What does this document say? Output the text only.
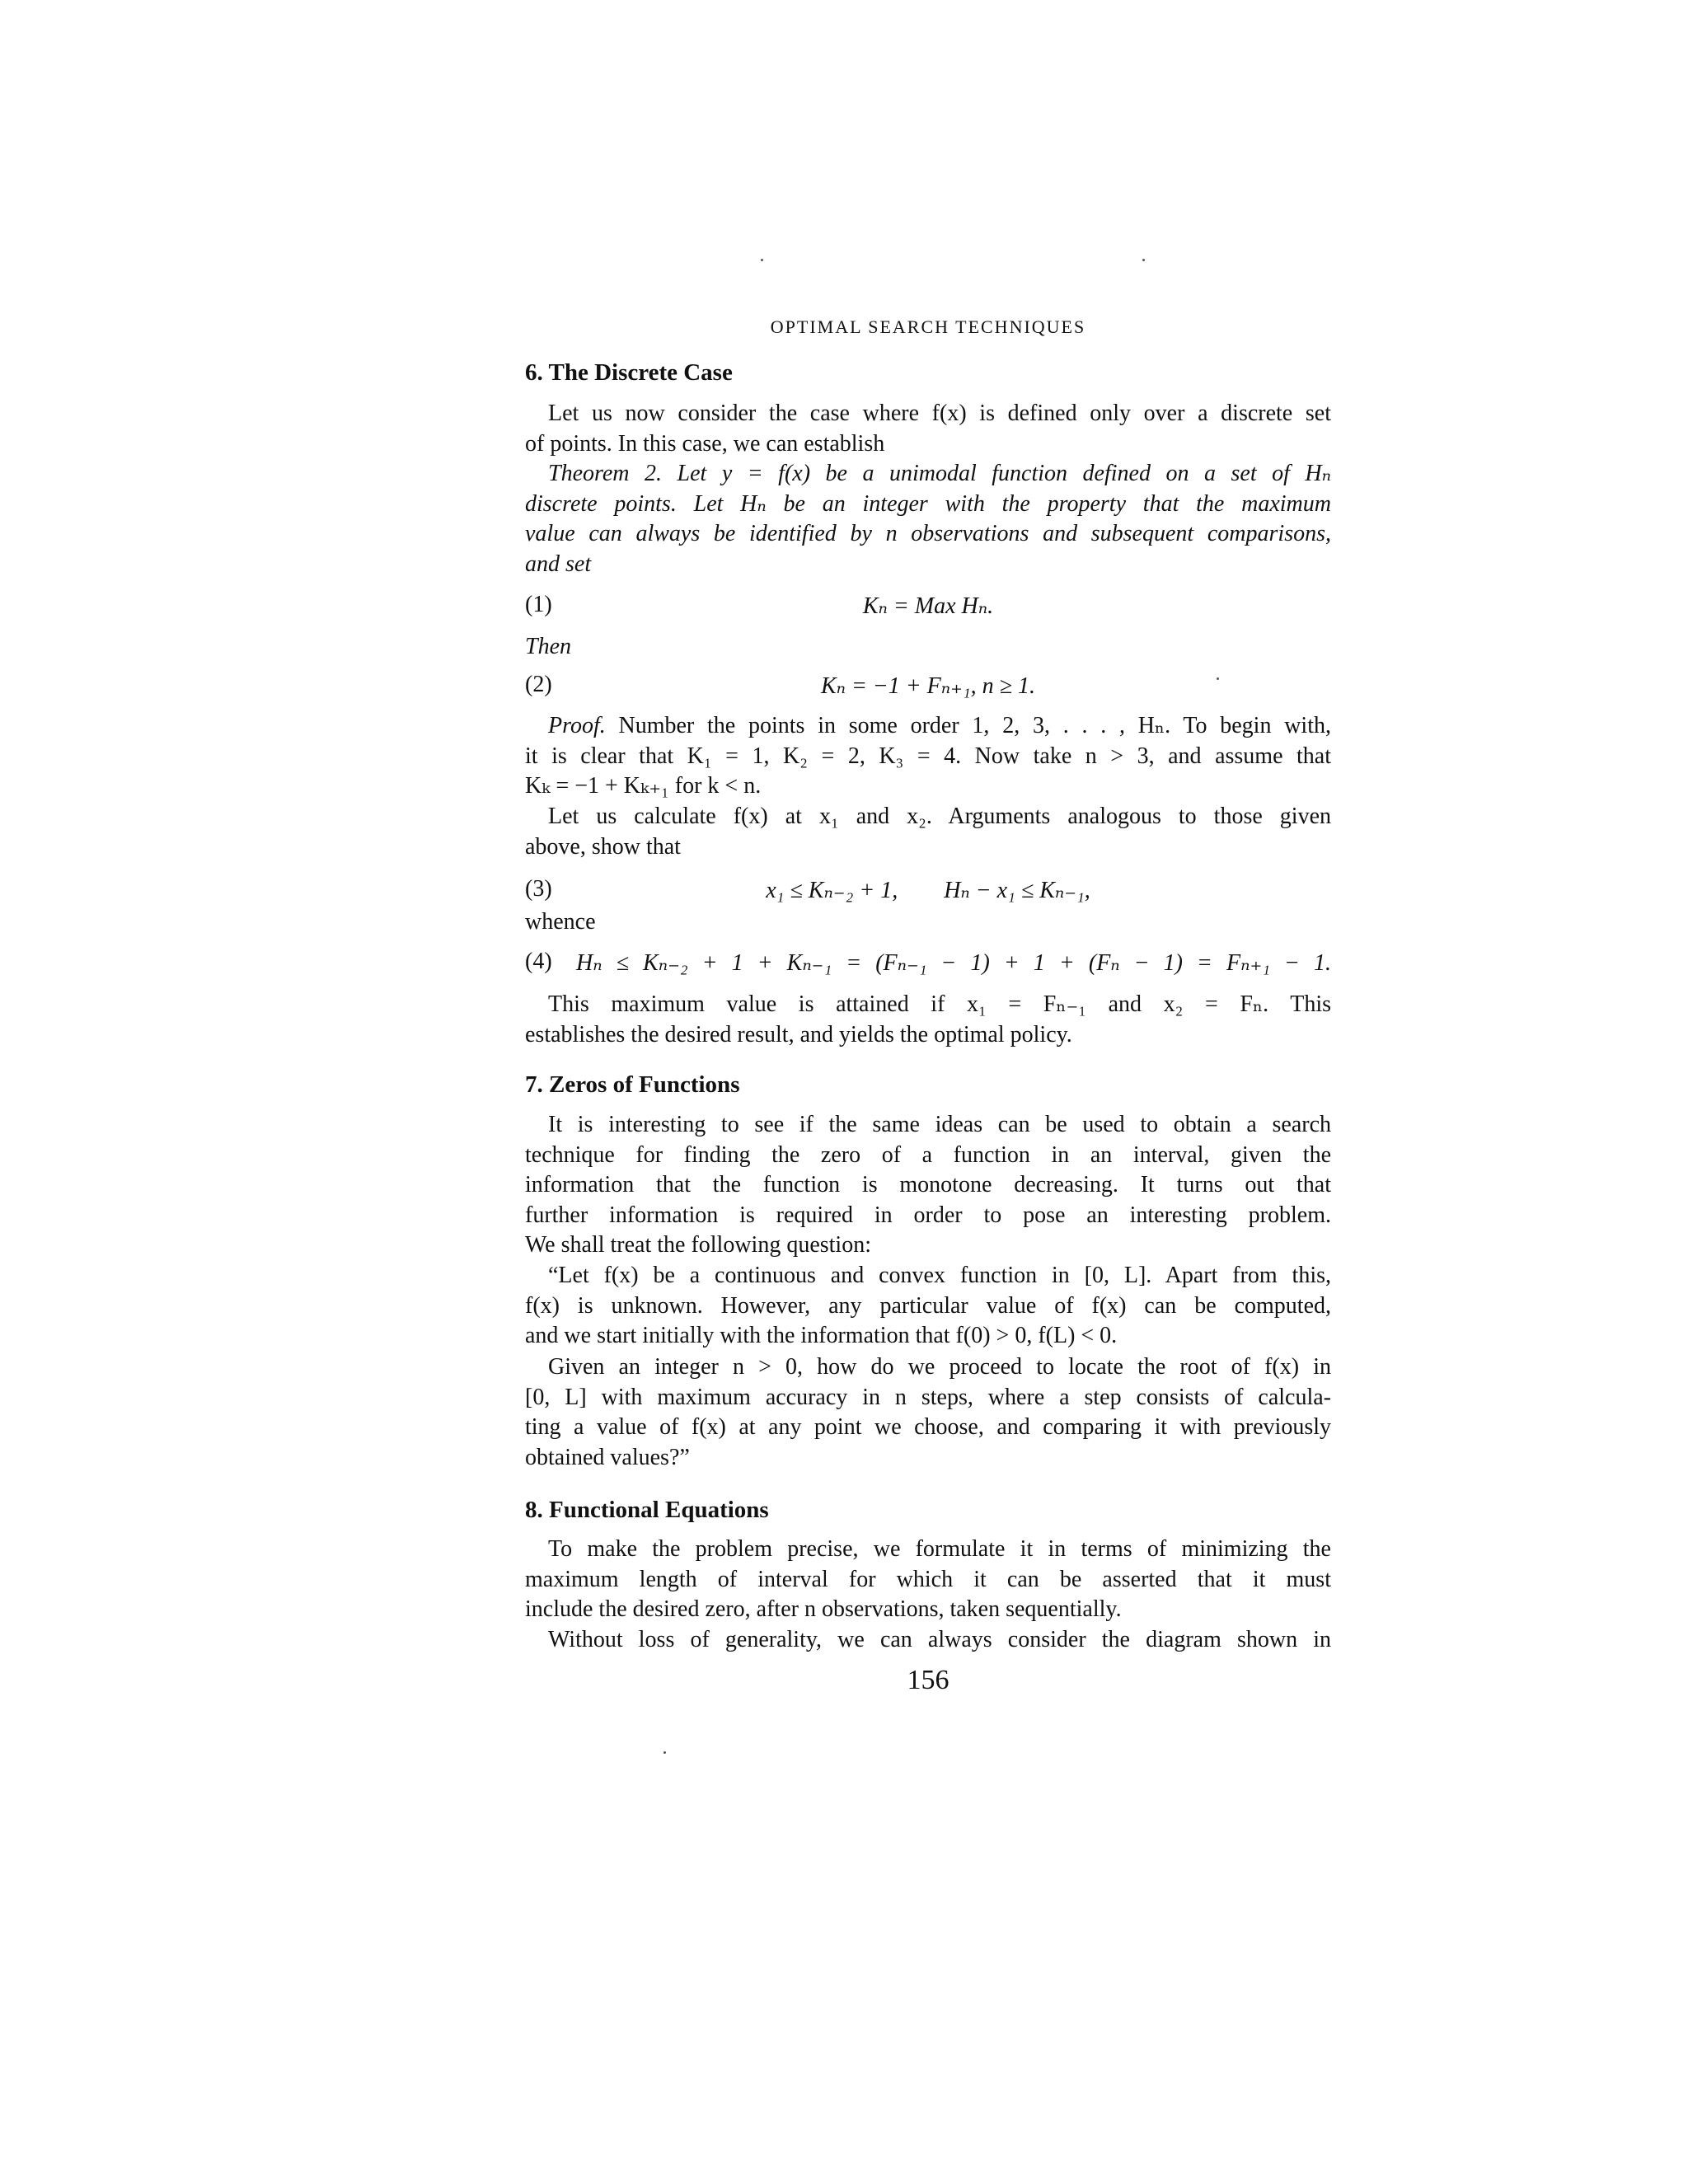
OPTIMAL SEARCH TECHNIQUES
6. The Discrete Case
Let us now consider the case where f(x) is defined only over a discrete set
of points. In this case, we can establish
Theorem 2. Let y = f(x) be a unimodal function defined on a set of Hₙ
discrete points. Let Hₙ be an integer with the property that the maximum
value can always be identified by n observations and subsequent comparisons,
and set
(1)	Kₙ = Max Hₙ.
Then
(2)	Kₙ = −1 + Fₙ₊₁, n ≥ 1.
Proof. Number the points in some order 1, 2, 3, . . . , Hₙ. To begin with,
it is clear that K₁ = 1, K₂ = 2, K₃ = 4. Now take n > 3, and assume that
Kₖ = −1 + Kₖ₊₁ for k < n.
Let us calculate f(x) at x₁ and x₂. Arguments analogous to those given
above, show that
(3)	x₁ ≤ Kₙ₋₂ + 1,        Hₙ − x₁ ≤ Kₙ₋₁,
whence
(4) Hₙ ≤ Kₙ₋₂ + 1 + Kₙ₋₁ = (Fₙ₋₁ − 1) + 1 + (Fₙ − 1) = Fₙ₊₁ − 1.
This maximum value is attained if x₁ = Fₙ₋₁ and x₂ = Fₙ. This
establishes the desired result, and yields the optimal policy.
7. Zeros of Functions
It is interesting to see if the same ideas can be used to obtain a search
technique for finding the zero of a function in an interval, given the
information that the function is monotone decreasing. It turns out that
further information is required in order to pose an interesting problem.
We shall treat the following question:
“Let f(x) be a continuous and convex function in [0, L]. Apart from this,
f(x) is unknown. However, any particular value of f(x) can be computed,
and we start initially with the information that f(0) > 0, f(L) < 0.
Given an integer n > 0, how do we proceed to locate the root of f(x) in
[0, L] with maximum accuracy in n steps, where a step consists of calcula-
ting a value of f(x) at any point we choose, and comparing it with previously
obtained values?”
8. Functional Equations
To make the problem precise, we formulate it in terms of minimizing the
maximum length of interval for which it can be asserted that it must
include the desired zero, after n observations, taken sequentially.
Without loss of generality, we can always consider the diagram shown in
156
